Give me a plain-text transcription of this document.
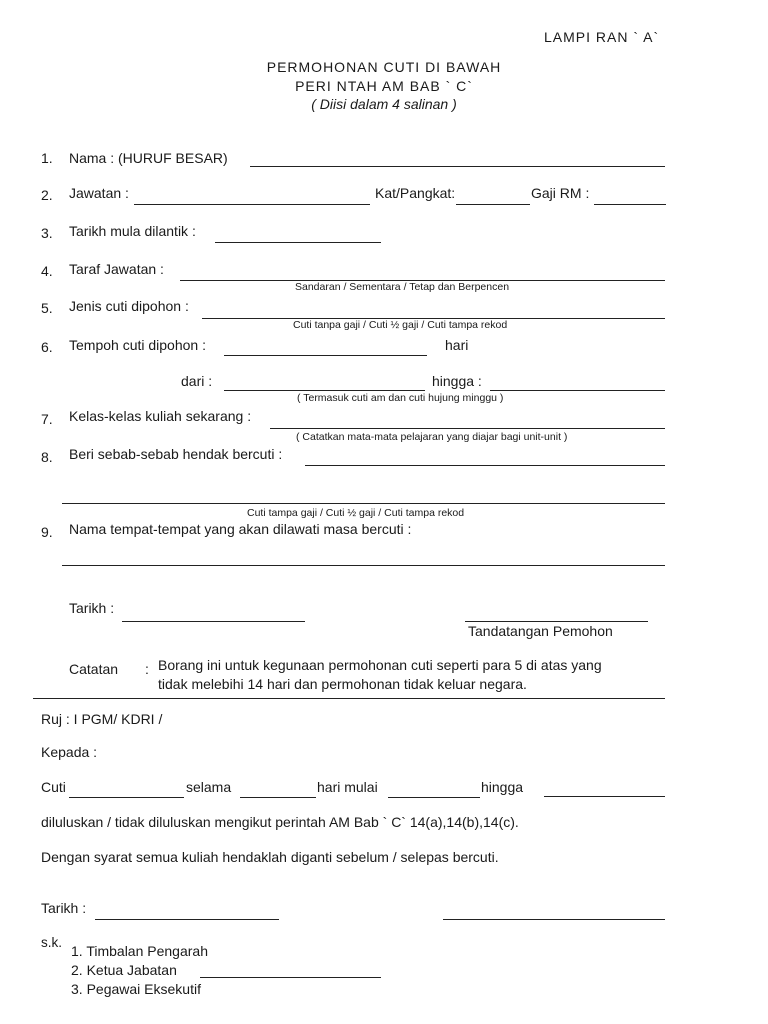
LAMPI RAN ` A`
PERMOHONAN CUTI DI BAWAH
PERI NTAH AM BAB ` C`
( Diisi dalam 4 salinan )
1. Nama : (HURUF BESAR)
2. Jawatan :	Kat/Pangkat:	Gaji RM :
3. Tarikh mula dilantik :
4. Taraf Jawatan :
Sandaran / Sementara / Tetap dan Berpencen
5. Jenis cuti dipohon :
Cuti tanpa gaji / Cuti ½ gaji / Cuti tampa rekod
6. Tempoh cuti dipohon :	hari
dari :	hingga :
( Termasuk cuti am dan cuti hujung minggu )
7. Kelas-kelas kuliah sekarang :
( Catatkan mata-mata pelajaran yang diajar bagi unit-unit )
8. Beri sebab-sebab hendak bercuti :
Cuti tampa gaji / Cuti ½ gaji / Cuti tampa rekod
9. Nama tempat-tempat yang akan dilawati masa bercuti :
Tarikh :
Tandatangan Pemohon
Catatan : Borang ini untuk kegunaan permohonan cuti seperti para 5 di atas yang
tidak melebihi 14 hari dan permohonan tidak keluar negara.
Ruj : I PGM/ KDRI /
Kepada :
Cuti	selama	hari mulai	hingga
diluluskan / tidak diluluskan mengikut perintah AM Bab ` C` 14(a),14(b),14(c).
Dengan syarat semua kuliah hendaklah diganti sebelum / selepas bercuti.
Tarikh :
s.k.
1. Timbalan Pengarah
2. Ketua Jabatan
3. Pegawai Eksekutif
